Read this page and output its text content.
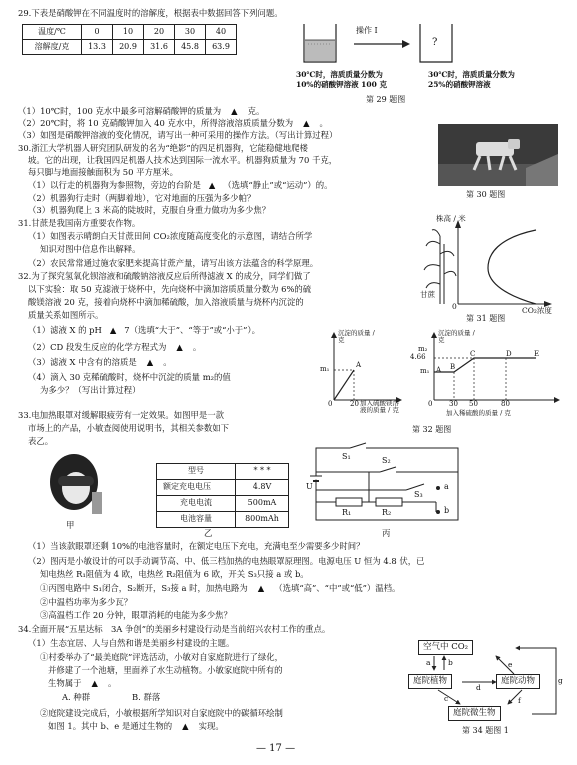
29.下表是硝酸钾在不同温度时的溶解度，根据表中数据回答下列问题。
温度/℃	0	10	20	30	40
溶解度/克	13.3	20.9	31.6	45.8	63.9
操作 I
?
30℃时，溶质质量分数为
10%的硝酸钾溶液 100 克
30℃时，溶质质量分数为
25%的硝酸钾溶液
第 29 题图
（1）10℃时，100 克水中最多可溶解硝酸钾的质量为 ▲ 克。
（2）20℃时，将 10 克硝酸钾加入 40 克水中，所得溶液溶质质量分数为 ▲ 。
（3）如图是硝酸钾溶液的变化情况，请写出一种可采用的操作方法。（写出计算过程）
30.浙江大学机器人研究团队研发的名为“绝影”的四足机器狗，它能稳健地爬楼
坡。它的出现，让我国四足机器人技术达到国际一流水平。机器狗质量为 70 千克，
每只脚与地面接触面积为 50 平方厘米。
（1）以行走的机器狗为参照物，旁边的台阶是 ▲ （选填“静止”或“运动”）的。
（2）机器狗行走时（两脚着地），它对地面的压强为多少帕？
（3）机器狗爬上 3 米高的陡坡时，克服自身重力做功为多少焦？
第 30 题图
31.甘蔗是我国南方重要农作物。
（1）如图表示晴朗白天甘蔗田间 CO₂浓度随高度变化的示意图，请结合所学
知识对图中信息作出解释。
（2）农民常常通过施农家肥来提高甘蔗产量，请写出该方法蕴含的科学原理。
株高 / 米
甘蔗
0	CO₂浓度
第 31 题图
32.为了探究氢氧化钡溶液和硫酸钠溶液反应后所得滤液 X 的成分，同学们做了
以下实验：取 50 克滤液于烧杯中，先向烧杯中滴加溶质质量分数为 6%的硫
酸镁溶液 20 克，接着向烧杯中滴加稀硫酸，加入溶液质量与烧杯内沉淀的
质量关系如图所示。
（1）滤液 X 的 pH ▲ 7（选填“大于”、“等于”或“小于”）。
（2）CD 段发生反应的化学方程式为 ▲ 。
（3）滤液 X 中含有的溶质是 ▲ 。
（4）滴入 30 克稀硫酸时，烧杯中沉淀的质量 m₂的值
为多少？（写出计算过程）
沉淀的质量 / 克
m₁	A
0	20 加入硫酸镁溶液的质量 / 克
沉淀的质量 / 克
m₂
4.66
m₁ A B
C	D	E
0 30 50	80
加入稀硫酸的质量 / 克
第 32 题图
33.电加热眼罩对缓解眼疲劳有一定效果。如图甲是一款
市场上的产品，小敏查阅使用说明书，其相关参数如下
表乙。
甲
型号	* * *
额定充电电压	4.8V
充电电流	500mA
电池容量	800mAh
乙
U
S₁	S₂
S₃
R₁	R₂
a
b
丙
（1）当该款眼罩还剩 10%的电池容量时，在额定电压下充电，充满电至少需要多少时间？
（2）图丙是小敏设计的可以手动调节高、中、低三档加热的电热眼罩原理图。电源电压 U 恒为 4.8 伏，已
知电热丝 R₁阻值为 4 欧，电热丝 R₂阻值为 6 欧，开关 S₃只接 a 或 b。
①丙图电路中 S₁闭合，S₂断开，S₃接 a 时，加热电路为 ▲ （选填“高”、“中”或“低”）温档。
②中温档功率为多少瓦？
③高温档工作 20 分钟，眼罩消耗的电能为多少焦？
34.全面开展“五星达标　3A 争创”的美丽乡村建设行动是当前绍兴农村工作的重点。
（1）生态宜居、人与自然和谐是美丽乡村建设的主题。
①村委举办了“最美庭院”评选活动，小敏对自家庭院进行了绿化，
并修建了一个池塘，里面养了水生动植物。小敏家庭院中所有的
生物属于 ▲ 。
A. 种群	B. 群落
②庭院建设完成后，小敏根据所学知识对自家庭院中的碳循环绘制
如图 1。其中 b、e 是通过生物的 ▲ 实现。
空气中 CO₂
庭院植物	庭院动物
庭院微生物
a b
c
d
e
f
g
第 34 题图 1
— 17 —
